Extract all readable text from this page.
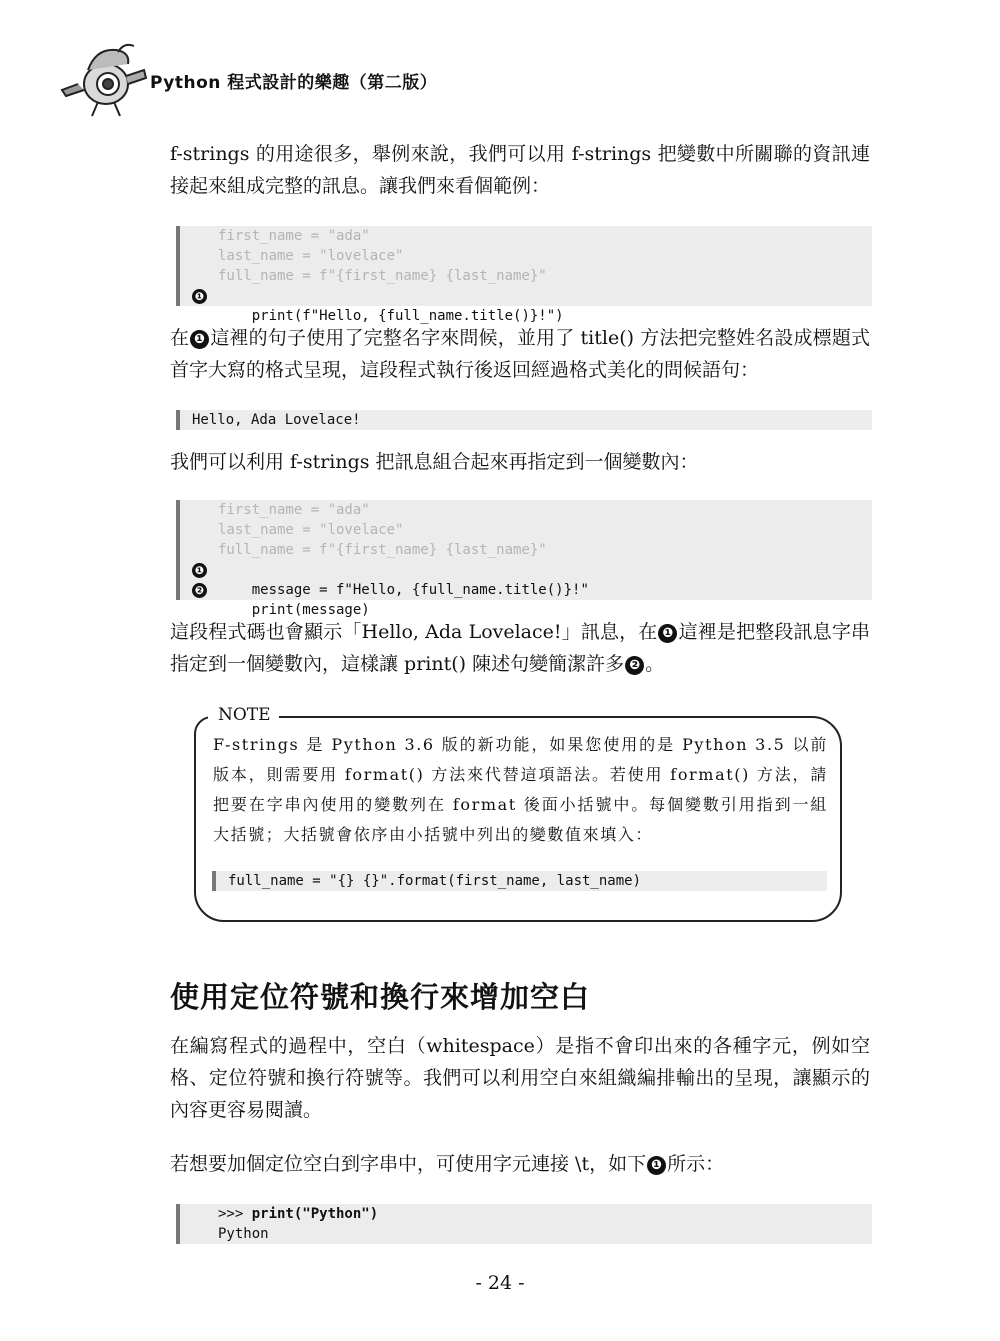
Python 程式設計的樂趣（第二版）

f-strings 的用途很多，舉例來說，我們可以用 f-strings 把變數中所關聯的資訊連接起來組成完整的訊息。讓我們來看個範例：

first_name = "ada"
last_name = "lovelace"
full_name = f"{first_name} {last_name}"

❶
print(f"Hello, {full_name.title()}!")

在 ❶ 這裡的句子使用了完整名字來問候，並用了 title() 方法把完整姓名設成標題式首字大寫的格式呈現，這段程式執行後返回經過格式美化的問候語句：

Hello, Ada Lovelace!

我們可以利用 f-strings 把訊息組合起來再指定到一個變數內：

first_name = "ada"
last_name = "lovelace"
full_name = f"{first_name} {last_name}"

❶
message = f"Hello, {full_name.title()}!"

❷
print(message)

這段程式碼也會顯示「Hello, Ada Lovelace!」訊息，在 ❶ 這裡是把整段訊息字串指定到一個變數內，這樣讓 print() 陳述句變簡潔許多 ❷ 。

NOTE

F-strings 是 Python 3.6 版的新功能，如果您使用的是 Python 3.5 以前版本，則需要用 format() 方法來代替這項語法。若使用 format() 方法，請把要在字串內使用的變數列在 format 後面小括號中。每個變數引用指到一組大括號；大括號會依序由小括號中列出的變數值來填入：

full_name = "{} {}".format(first_name, last_name)
使用定位符號和換行來增加空白

在編寫程式的過程中，空白（whitespace）是指不會印出來的各種字元，例如空格、定位符號和換行符號等。我們可以利用空白來組織編排輸出的呈現，讓顯示的內容更容易閱讀。

若想要加個定位空白到字串中，可使用字元連接 \t，如下 ❶ 所示：

>>> print("Python")
Python
- 24 -
